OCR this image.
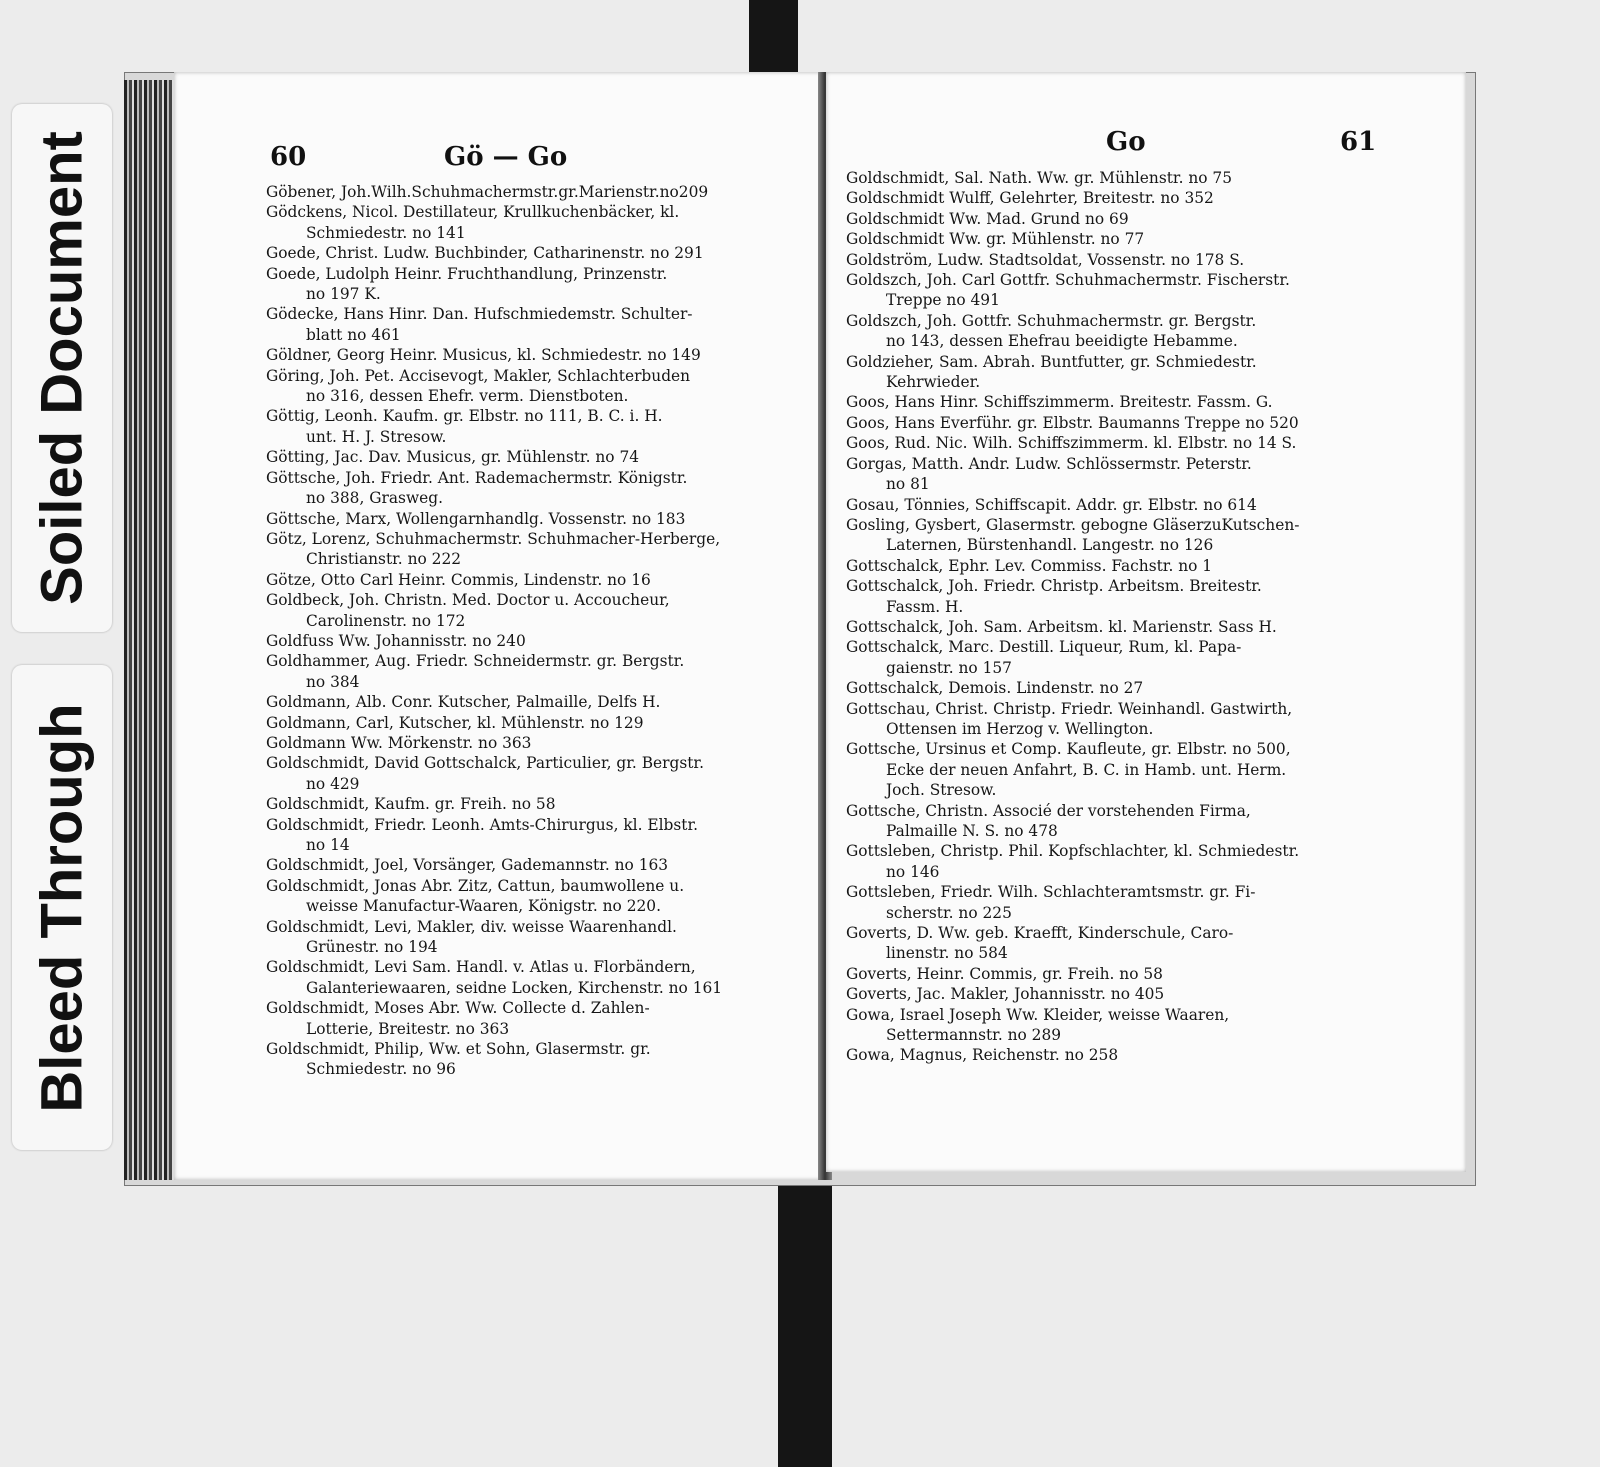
Soiled Document
Bleed Through
60	Gö — Go
Göbener, Joh.Wilh.Schuhmachermstr.gr.Marienstr.no209
Gödckens, Nicol. Destillateur, Krullkuchenbäcker, kl.
Schmiedestr. no 141
Goede, Christ. Ludw. Buchbinder, Catharinenstr. no 291
Goede, Ludolph Heinr. Fruchthandlung, Prinzenstr.
no 197 K.
Gödecke, Hans Hinr. Dan. Hufschmiedemstr. Schulter-
blatt no 461
Göldner, Georg Heinr. Musicus, kl. Schmiedestr. no 149
Göring, Joh. Pet. Accisevogt, Makler, Schlachterbuden
no 316, dessen Ehefr. verm. Dienstboten.
Göttig, Leonh. Kaufm. gr. Elbstr. no 111, B. C. i. H.
unt. H. J. Stresow.
Götting, Jac. Dav. Musicus, gr. Mühlenstr. no 74
Göttsche, Joh. Friedr. Ant. Rademachermstr. Königstr.
no 388, Grasweg.
Göttsche, Marx, Wollengarnhandlg. Vossenstr. no 183
Götz, Lorenz, Schuhmachermstr. Schuhmacher-Herberge,
Christianstr. no 222
Götze, Otto Carl Heinr. Commis, Lindenstr. no 16
Goldbeck, Joh. Christn. Med. Doctor u. Accoucheur,
Carolinenstr. no 172
Goldfuss Ww. Johannisstr. no 240
Goldhammer, Aug. Friedr. Schneidermstr. gr. Bergstr.
no 384
Goldmann, Alb. Conr. Kutscher, Palmaille, Delfs H.
Goldmann, Carl, Kutscher, kl. Mühlenstr. no 129
Goldmann Ww. Mörkenstr. no 363
Goldschmidt, David Gottschalck, Particulier, gr. Bergstr.
no 429
Goldschmidt, Kaufm. gr. Freih. no 58
Goldschmidt, Friedr. Leonh. Amts-Chirurgus, kl. Elbstr.
no 14
Goldschmidt, Joel, Vorsänger, Gademannstr. no 163
Goldschmidt, Jonas Abr. Zitz, Cattun, baumwollene u.
weisse Manufactur-Waaren, Königstr. no 220.
Goldschmidt, Levi, Makler, div. weisse Waarenhandl.
Grünestr. no 194
Goldschmidt, Levi Sam. Handl. v. Atlas u. Florbändern,
Galanteriewaaren, seidne Locken, Kirchenstr. no 161
Goldschmidt, Moses Abr. Ww. Collecte d. Zahlen-
Lotterie, Breitestr. no 363
Goldschmidt, Philip, Ww. et Sohn, Glasermstr. gr.
Schmiedestr. no 96
Go	61
Goldschmidt, Sal. Nath. Ww. gr. Mühlenstr. no 75
Goldschmidt Wulff, Gelehrter, Breitestr. no 352
Goldschmidt Ww. Mad. Grund no 69
Goldschmidt Ww. gr. Mühlenstr. no 77
Goldström, Ludw. Stadtsoldat, Vossenstr. no 178 S.
Goldszch, Joh. Carl Gottfr. Schuhmachermstr. Fischerstr.
Treppe no 491
Goldszch, Joh. Gottfr. Schuhmachermstr. gr. Bergstr.
no 143, dessen Ehefrau beeidigte Hebamme.
Goldzieher, Sam. Abrah. Buntfutter, gr. Schmiedestr.
Kehrwieder.
Goos, Hans Hinr. Schiffszimmerm. Breitestr. Fassm. G.
Goos, Hans Everführ. gr. Elbstr. Baumanns Treppe no 520
Goos, Rud. Nic. Wilh. Schiffszimmerm. kl. Elbstr. no 14 S.
Gorgas, Matth. Andr. Ludw. Schlössermstr. Peterstr.
no 81
Gosau, Tönnies, Schiffscapit. Addr. gr. Elbstr. no 614
Gosling, Gysbert, Glasermstr. gebogne GläserzuKutschen-
Laternen, Bürstenhandl. Langestr. no 126
Gottschalck, Ephr. Lev. Commiss. Fachstr. no 1
Gottschalck, Joh. Friedr. Christp. Arbeitsm. Breitestr.
Fassm. H.
Gottschalck, Joh. Sam. Arbeitsm. kl. Marienstr. Sass H.
Gottschalck, Marc. Destill. Liqueur, Rum, kl. Papa-
gaienstr. no 157
Gottschalck, Demois. Lindenstr. no 27
Gottschau, Christ. Christp. Friedr. Weinhandl. Gastwirth,
Ottensen im Herzog v. Wellington.
Gottsche, Ursinus et Comp. Kaufleute, gr. Elbstr. no 500,
Ecke der neuen Anfahrt, B. C. in Hamb. unt. Herm.
Joch. Stresow.
Gottsche, Christn. Associé der vorstehenden Firma,
Palmaille N. S. no 478
Gottsleben, Christp. Phil. Kopfschlachter, kl. Schmiedestr.
no 146
Gottsleben, Friedr. Wilh. Schlachteramtsmstr. gr. Fi-
scherstr. no 225
Goverts, D. Ww. geb. Kraefft, Kinderschule, Caro-
linenstr. no 584
Goverts, Heinr. Commis, gr. Freih. no 58
Goverts, Jac. Makler, Johannisstr. no 405
Gowa, Israel Joseph Ww. Kleider, weisse Waaren,
Settermannstr. no 289
Gowa, Magnus, Reichenstr. no 258
